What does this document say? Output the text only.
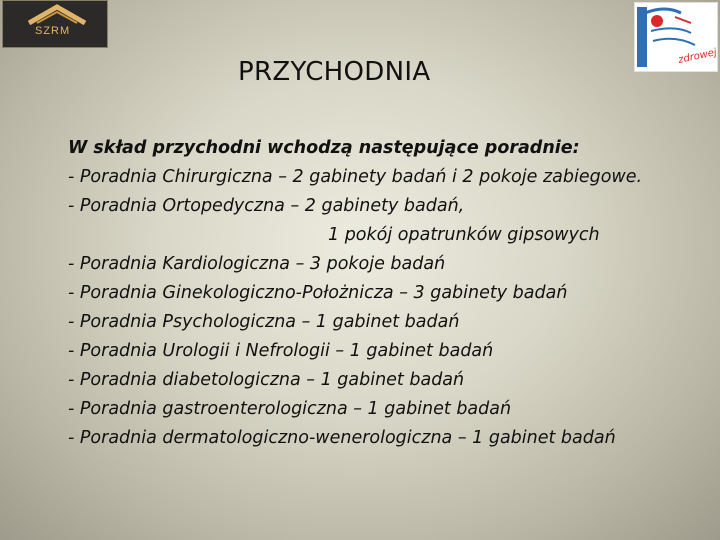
SZRM
zdrowej
PRZYCHODNIA
W skład przychodni wchodzą następujące poradnie:
- Poradnia Chirurgiczna – 2 gabinety badań i 2 pokoje zabiegowe.
- Poradnia Ortopedyczna – 2 gabinety badań,
1 pokój opatrunków gipsowych
- Poradnia Kardiologiczna – 3 pokoje badań
- Poradnia Ginekologiczno-Położnicza – 3 gabinety badań
- Poradnia Psychologiczna – 1 gabinet badań
- Poradnia Urologii i Nefrologii – 1 gabinet badań
- Poradnia diabetologiczna – 1 gabinet badań
- Poradnia gastroenterologiczna – 1 gabinet badań
- Poradnia dermatologiczno-wenerologiczna – 1 gabinet badań
